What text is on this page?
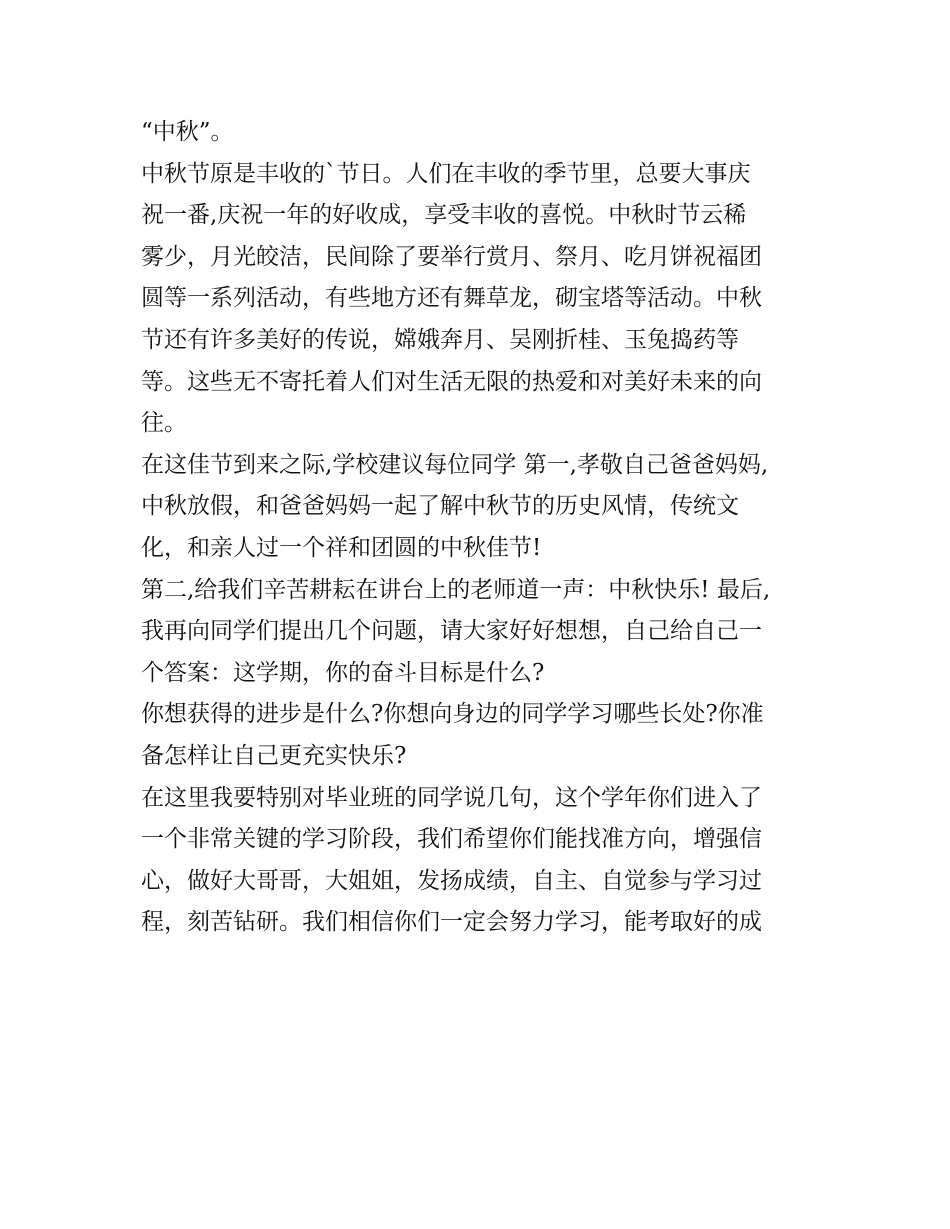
“中秋”。
中秋节原是丰收的`节日。人们在丰收的季节里，总要大事庆
祝一番,庆祝一年的好收成，享受丰收的喜悦。中秋时节云稀
雾少，月光皎洁，民间除了要举行赏月、祭月、吃月饼祝福团
圆等一系列活动，有些地方还有舞草龙，砌宝塔等活动。中秋
节还有许多美好的传说，嫦娥奔月、吴刚折桂、玉兔捣药等
等。这些无不寄托着人们对生活无限的热爱和对美好未来的向
往。
在这佳节到来之际,学校建议每位同学 第一,孝敬自己爸爸妈妈,
中秋放假，和爸爸妈妈一起了解中秋节的历史风情，传统文
化，和亲人过一个祥和团圆的中秋佳节!
第二,给我们辛苦耕耘在讲台上的老师道一声：中秋快乐! 最后,
我再向同学们提出几个问题，请大家好好想想，自己给自己一
个答案：这学期，你的奋斗目标是什么?
你想获得的进步是什么?你想向身边的同学学习哪些长处?你准
备怎样让自己更充实快乐?
在这里我要特别对毕业班的同学说几句，这个学年你们进入了
一个非常关键的学习阶段，我们希望你们能找准方向，增强信
心，做好大哥哥，大姐姐，发扬成绩，自主、自觉参与学习过
程，刻苦钻研。我们相信你们一定会努力学习，能考取好的成
